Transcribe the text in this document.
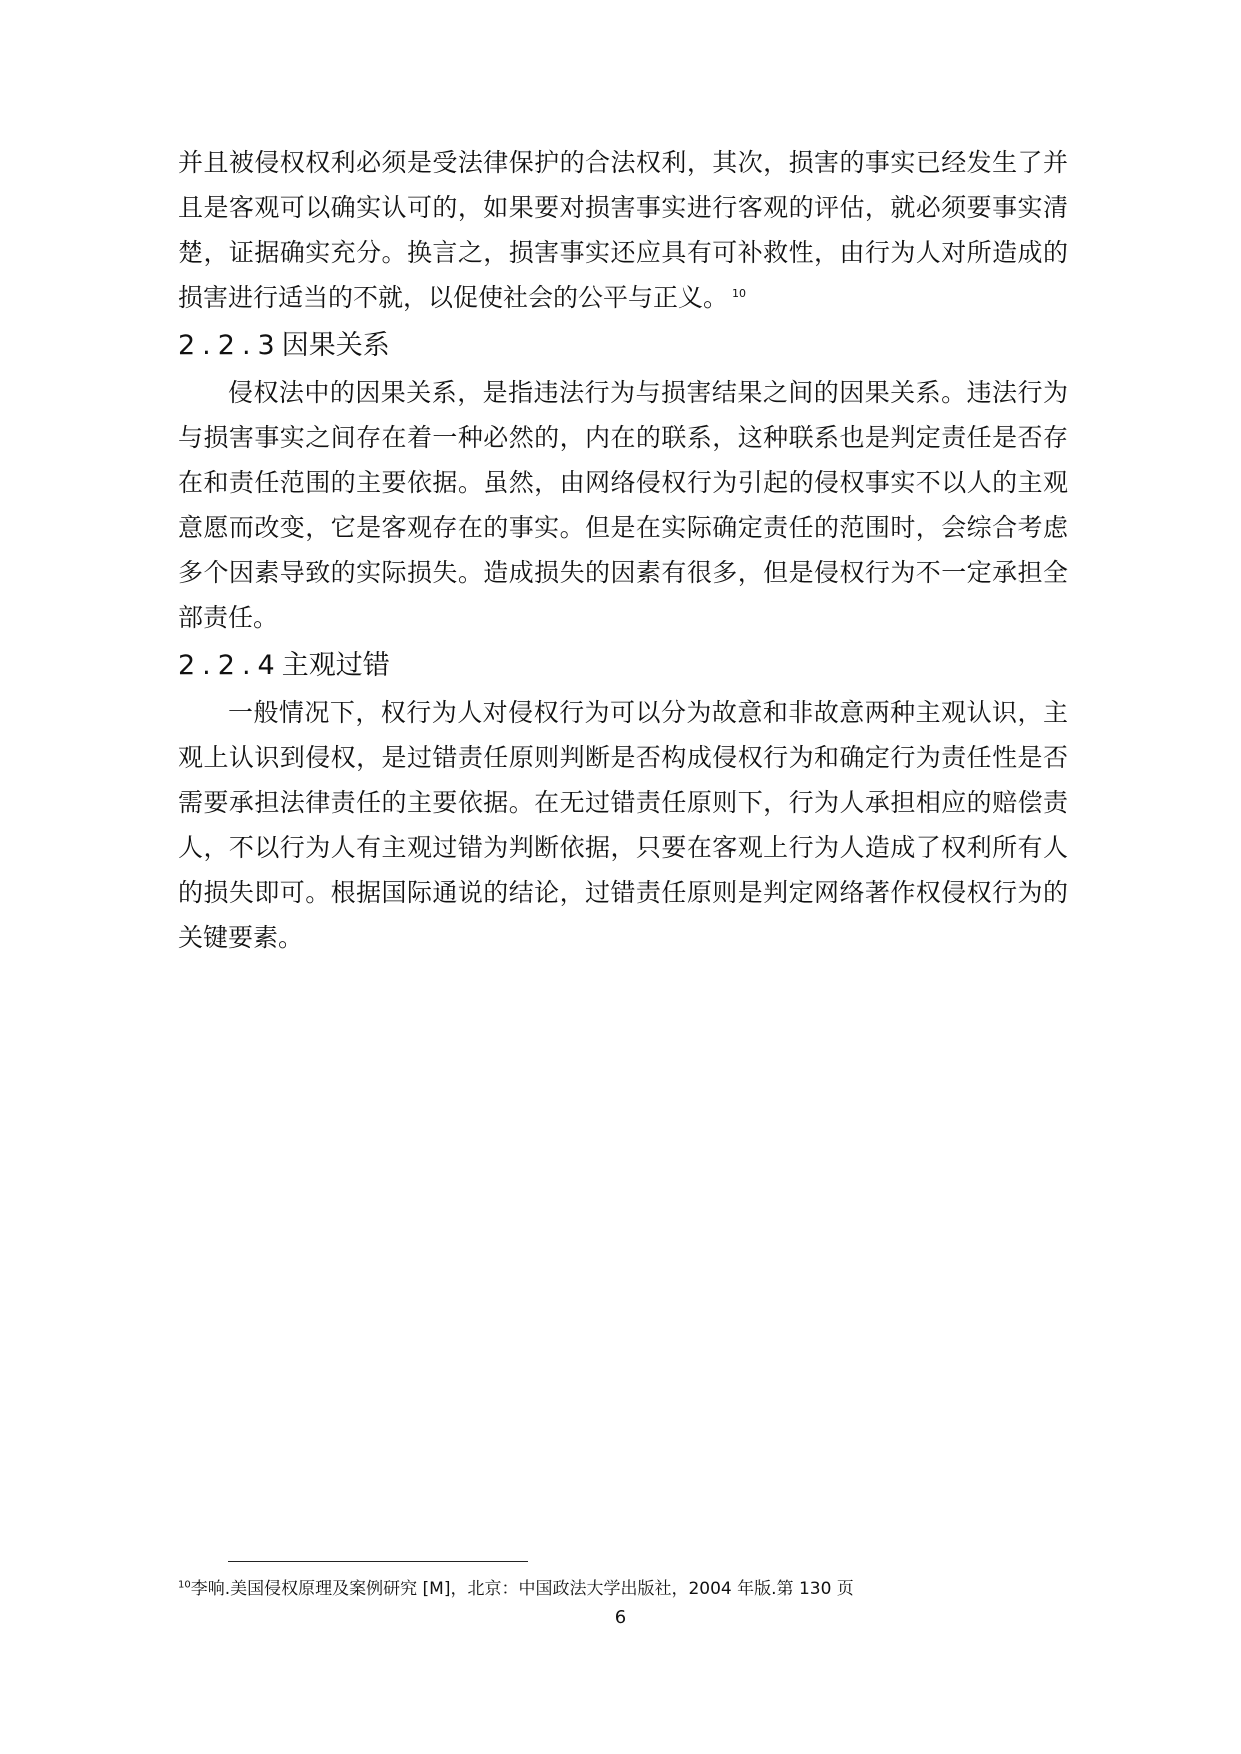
并且被侵权权利必须是受法律保护的合法权利，其次，损害的事实已经发生了并且是客观可以确实认可的，如果要对损害事实进行客观的评估，就必须要事实清楚，证据确实充分。换言之，损害事实还应具有可补救性，由行为人对所造成的损害进行适当的不就，以促使社会的公平与正义。 $^{10}$

2.2.3因果关系

侵权法中的因果关系，是指违法行为与损害结果之间的因果关系。违法行为与损害事实之间存在着一种必然的，内在的联系，这种联系也是判定责任是否存在和责任范围的主要依据。虽然，由网络侵权行为引起的侵权事实不以人的主观意愿而改变，它是客观存在的事实。但是在实际确定责任的范围时，会综合考虑多个因素导致的实际损失。造成损失的因素有很多，但是侵权行为不一定承担全部责任。

2.2.4主观过错

一般情况下，权行为人对侵权行为可以分为故意和非故意两种主观认识，主观上认识到侵权，是过错责任原则判断是否构成侵权行为和确定行为责任性是否需要承担法律责任的主要依据。在无过错责任原则下，行为人承担相应的赔偿责人，不以行为人有主观过错为判断依据，只要在客观上行为人造成了权利所有人的损失即可。根据国际通说的结论，过错责任原则是判定网络著作权侵权行为的关键要素。

$^{10}$李响.美国侵权原理及案例研究 [M]，北京：中国政法大学出版社，2004 年版.第 130 页
6
